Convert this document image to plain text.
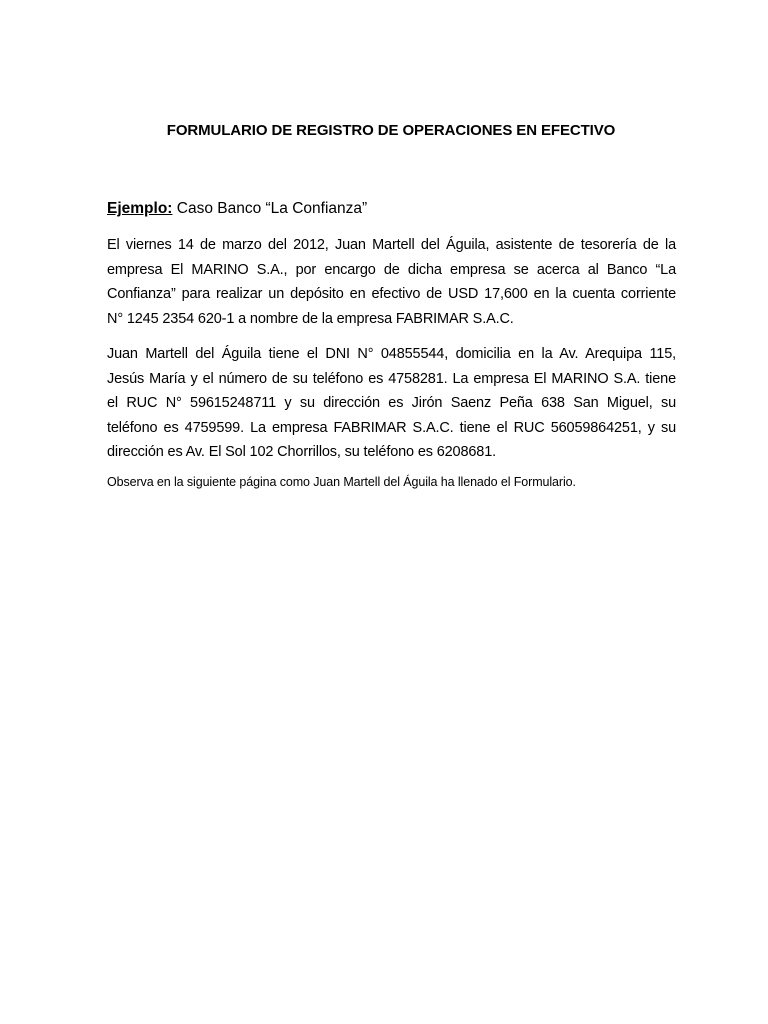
FORMULARIO DE REGISTRO DE OPERACIONES EN EFECTIVO
Ejemplo: Caso Banco “La Confianza”
El viernes 14 de marzo del 2012, Juan Martell del Águila, asistente de tesorería de la
empresa El MARINO S.A., por encargo de dicha empresa se acerca al Banco “La
Confianza” para realizar un depósito en efectivo de USD 17,600 en la cuenta corriente
N° 1245 2354 620-1 a nombre de la empresa FABRIMAR S.A.C.
Juan Martell del Águila tiene el DNI N° 04855544, domicilia en la Av. Arequipa 115,
Jesús María y el número de su teléfono es 4758281. La empresa El MARINO S.A. tiene
el RUC N° 59615248711 y su dirección es Jirón Saenz Peña 638 San Miguel, su
teléfono es 4759599. La empresa FABRIMAR S.A.C. tiene el RUC 56059864251, y su
dirección es Av. El Sol 102 Chorrillos, su teléfono es 6208681.
Observa en la siguiente página como Juan Martell del Águila ha llenado el Formulario.
